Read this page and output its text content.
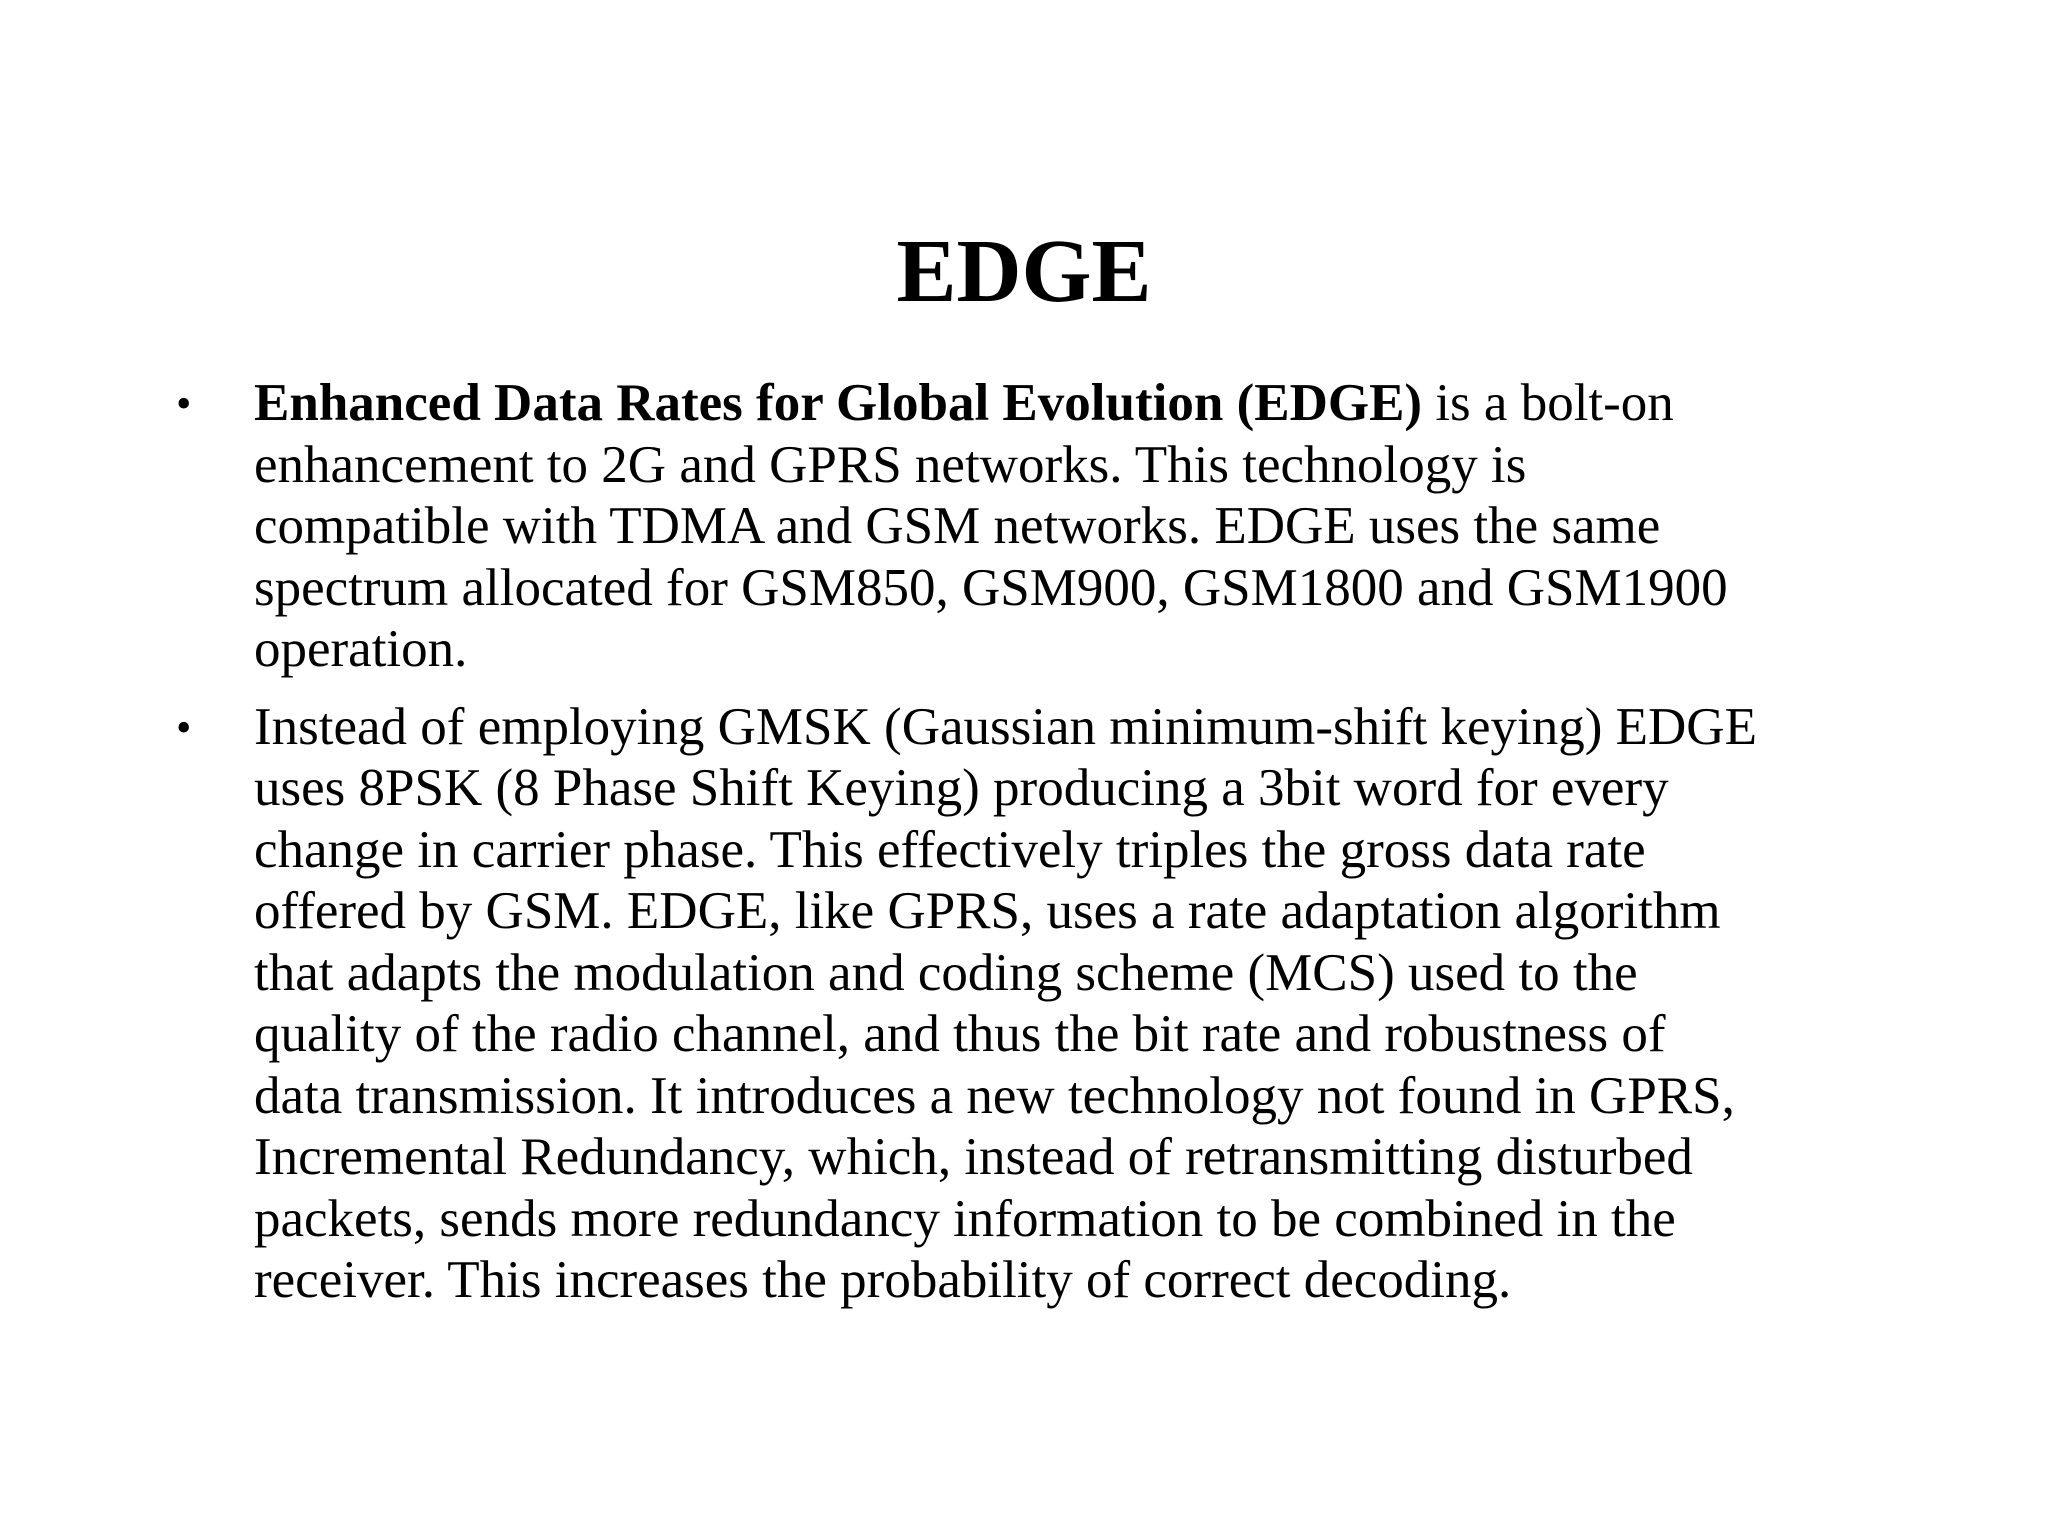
EDGE
• Enhanced Data Rates for Global Evolution (EDGE) is a bolt-on
enhancement to 2G and GPRS networks. This technology is
compatible with TDMA and GSM networks. EDGE uses the same
spectrum allocated for GSM850, GSM900, GSM1800 and GSM1900
operation.
• Instead of employing GMSK (Gaussian minimum-shift keying) EDGE
uses 8PSK (8 Phase Shift Keying) producing a 3bit word for every
change in carrier phase. This effectively triples the gross data rate
offered by GSM. EDGE, like GPRS, uses a rate adaptation algorithm
that adapts the modulation and coding scheme (MCS) used to the
quality of the radio channel, and thus the bit rate and robustness of
data transmission. It introduces a new technology not found in GPRS,
Incremental Redundancy, which, instead of retransmitting disturbed
packets, sends more redundancy information to be combined in the
receiver. This increases the probability of correct decoding.
